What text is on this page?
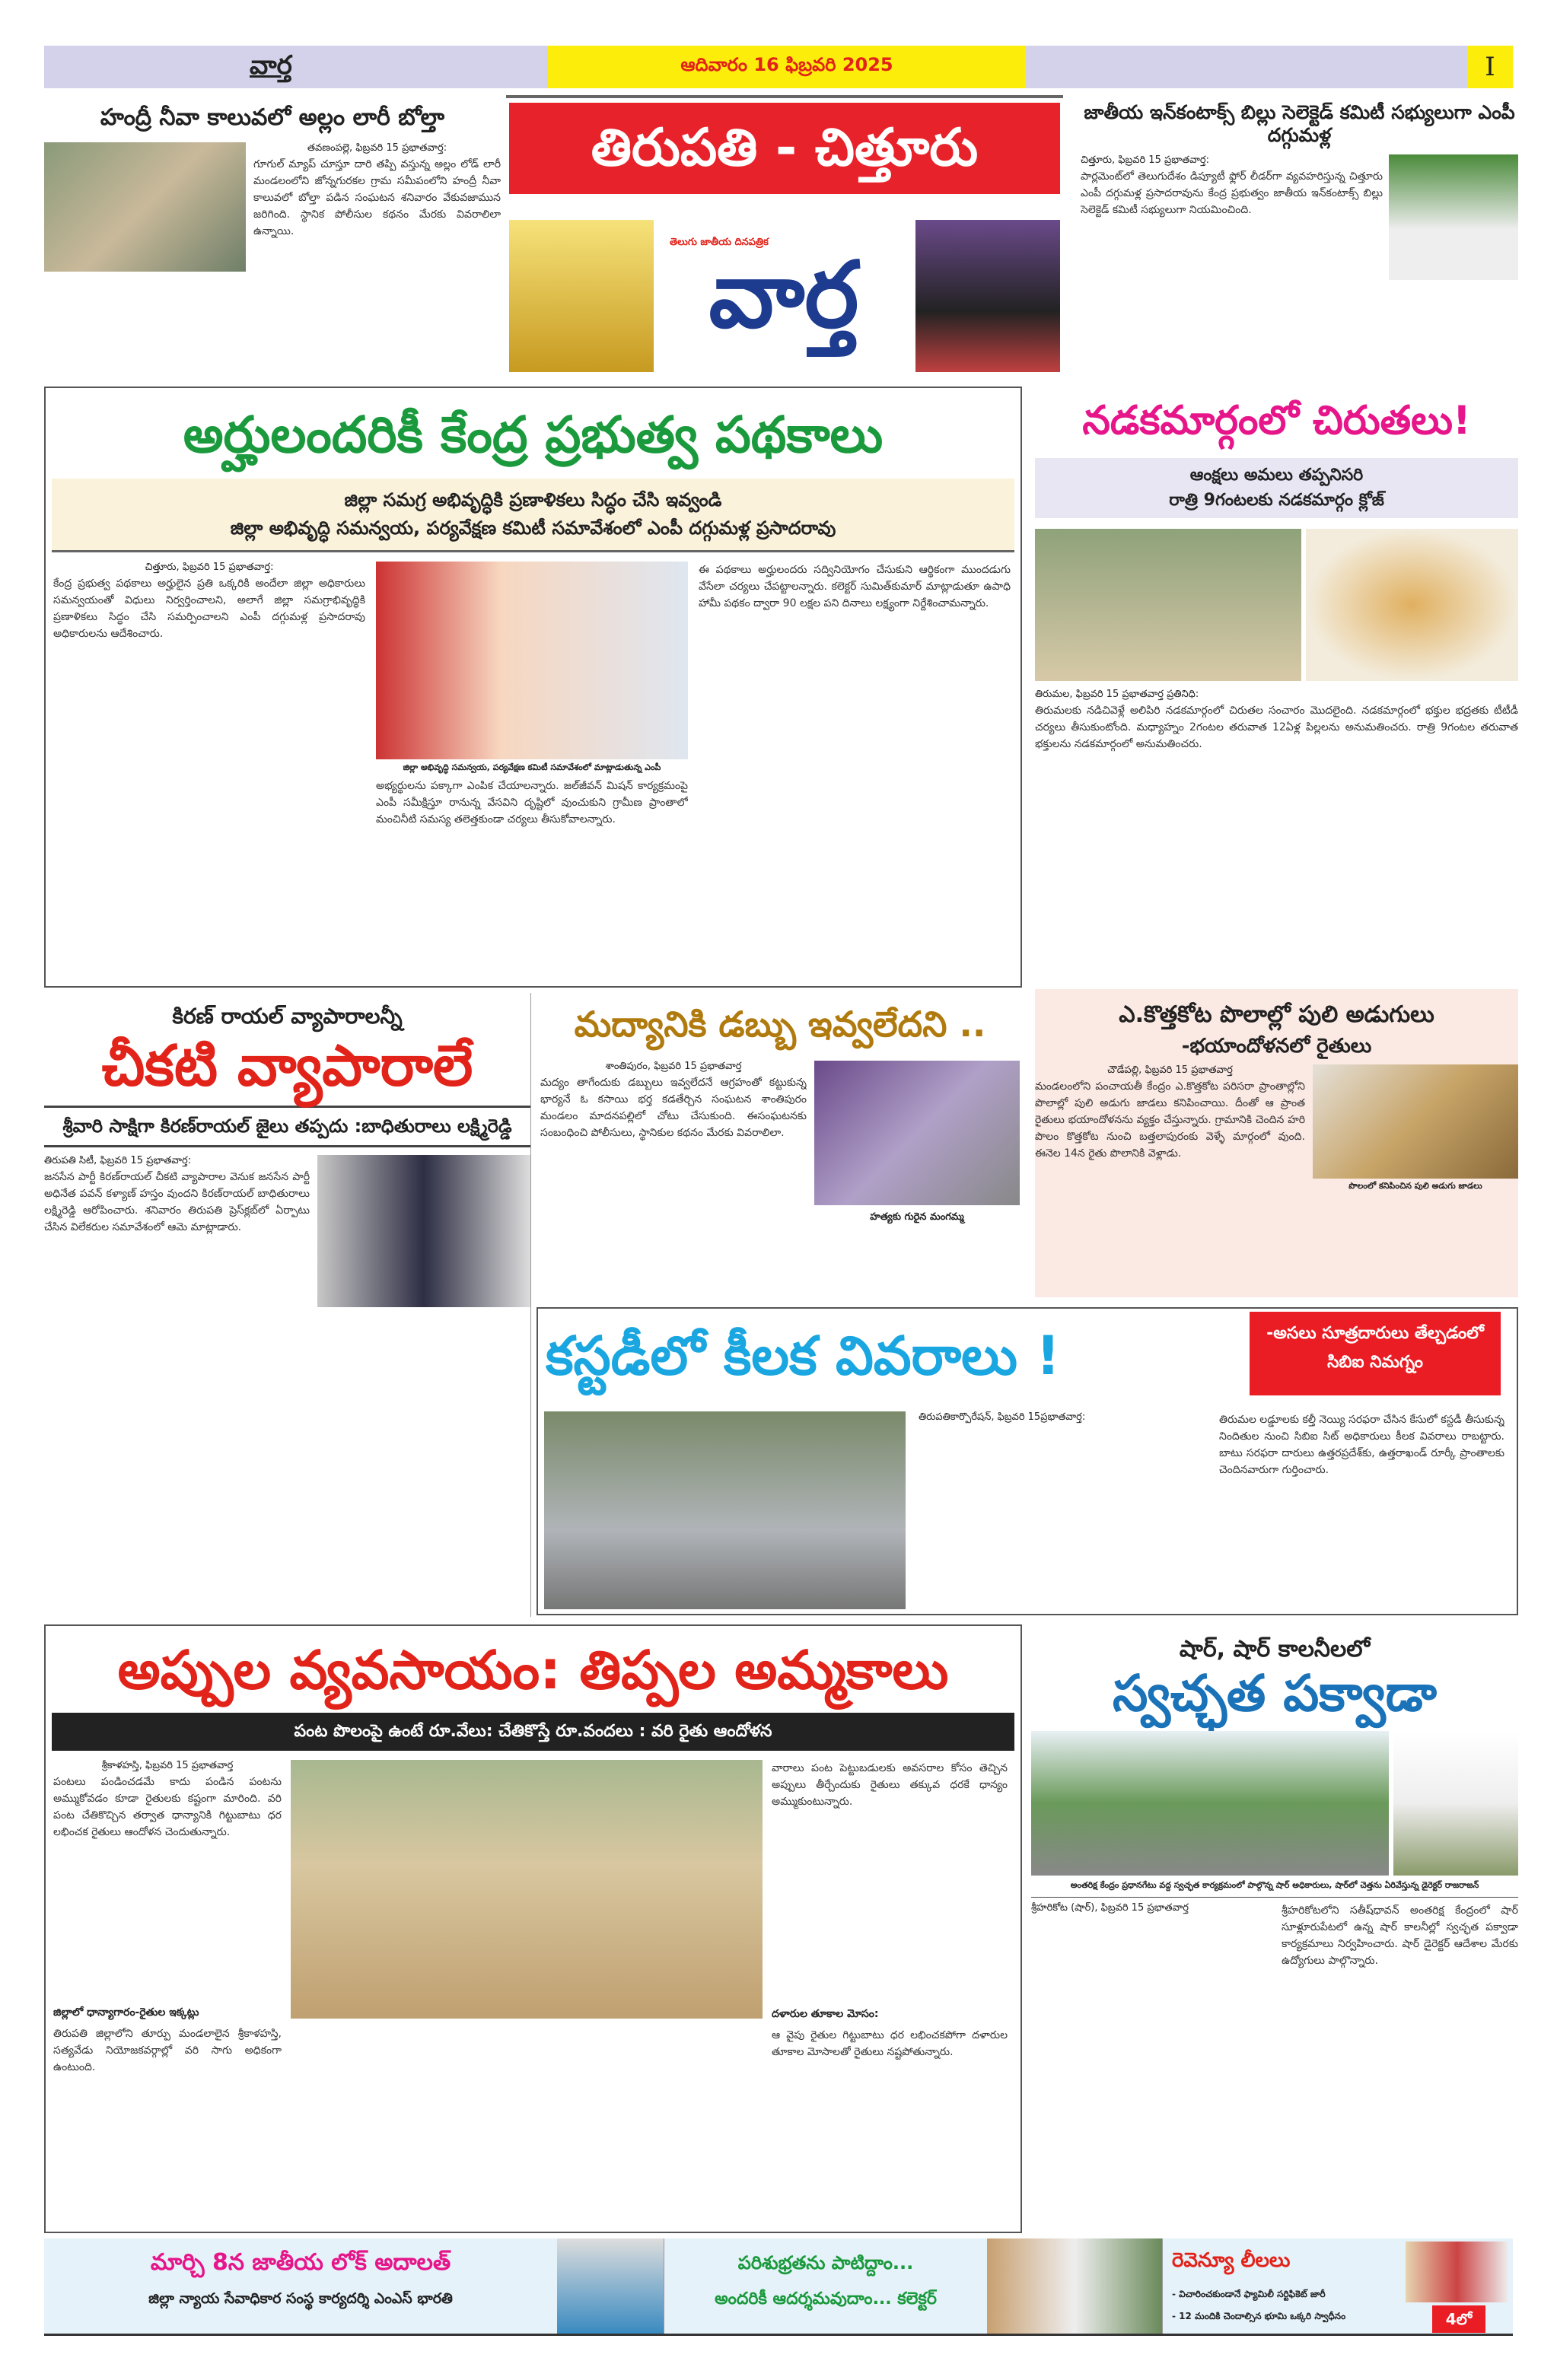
వార్త	ఆదివారం 16 ఫిబ్రవరి 2025	I
హంద్రీ నీవా కాలువలో అల్లం లారీ బోల్తా
తవణంపల్లె, ఫిబ్రవరి 15 ప్రభాతవార్త:
గూగుల్ మ్యాప్ చూస్తూ దారి తప్పి వస్తున్న అల్లం లోడ్ లారీ మండలంలోని జోన్నగురకల గ్రామ సమీపంలోని హంద్రీ నీవా కాలువలో బోల్తా పడిన సంఘటన శనివారం వేకువజామున జరిగింది. స్థానిక పోలీసుల కథనం మేరకు వివరాలిలా ఉన్నాయి.
తిరుపతి - చిత్తూరు
తెలుగు జాతీయ దినపత్రిక
వార్త
జాతీయ ఇన్‌కంటాక్స్ బిల్లు సెలెక్టెడ్ కమిటీ సభ్యులుగా ఎంపీ దగ్గుమళ్ల
చిత్తూరు, ఫిబ్రవరి 15 ప్రభాతవార్త:
పార్లమెంట్‌లో తెలుగుదేశం డిప్యూటీ ఫ్లోర్ లీడర్‌గా వ్యవహరిస్తున్న చిత్తూరు ఎంపీ దగ్గుమళ్ల ప్రసాదరావును కేంద్ర ప్రభుత్వం జాతీయ ఇన్‌కంటాక్స్ బిల్లు సెలెక్టెడ్ కమిటీ సభ్యులుగా నియమించింది.
అర్హులందరికీ కేంద్ర ప్రభుత్వ పథకాలు
జిల్లా సమగ్ర అభివృద్ధికి ప్రణాళికలు సిద్ధం చేసి ఇవ్వండి
జిల్లా అభివృద్ధి సమన్వయ, పర్యవేక్షణ కమిటీ సమావేశంలో ఎంపీ దగ్గుమళ్ల ప్రసాదరావు
చిత్తూరు, ఫిబ్రవరి 15 ప్రభాతవార్త:
కేంద్ర ప్రభుత్వ పథకాలు అర్హులైన ప్రతి ఒక్కరికి అందేలా జిల్లా అధికారులు సమన్వయంతో విధులు నిర్వర్తించాలని, అలాగే జిల్లా సమగ్రాభివృద్ధికి ప్రణాళికలు సిద్ధం చేసి సమర్పించాలని ఎంపీ దగ్గుమళ్ల ప్రసాదరావు అధికారులను ఆదేశించారు.
జిల్లా అభివృద్ధి సమన్వయ, పర్యవేక్షణ కమిటీ సమావేశంలో మాట్లాడుతున్న ఎంపీ
అభ్యర్థులను పక్కాగా ఎంపిక చేయాలన్నారు. జల్‌జీవన్ మిషన్ కార్యక్రమంపై ఎంపీ సమీక్షిస్తూ రానున్న వేసవిని దృష్టిలో వుంచుకుని గ్రామీణ ప్రాంతాలో మంచినీటి సమస్య తలెత్తకుండా చర్యలు తీసుకోవాలన్నారు.
ఈ పథకాలు అర్హులందరు సద్వినియోగం చేసుకుని ఆర్థికంగా ముందడుగు వేసేలా చర్యలు చేపట్టాలన్నారు. కలెక్టర్ సుమిత్‌కుమార్ మాట్లాడుతూ ఉపాధి హామీ పథకం ద్వారా 90 లక్షల పని దినాలు లక్ష్యంగా నిర్దేశించామన్నారు.
నడకమార్గంలో చిరుతలు!
ఆంక్షలు అమలు తప్పనిసరి
రాత్రి 9గంటలకు నడకమార్గం క్లోజ్
తిరుమల, ఫిబ్రవరి 15 ప్రభాతవార్త ప్రతినిధి:
తిరుమలకు నడిచివెళ్లే అలిపిరి నడకమార్గంలో చిరుతల సంచారం మొదలైంది. నడకమార్గంలో భక్తుల భద్రతకు టీటీడీ చర్యలు తీసుకుంటోంది. మధ్యాహ్నం 2గంటల తరువాత 12ఏళ్ల పిల్లలను అనుమతించరు. రాత్రి 9గంటల తరువాత భక్తులను నడకమార్గంలో అనుమతించరు.
కిరణ్ రాయల్ వ్యాపారాలన్నీ
చీకటి వ్యాపారాలే
శ్రీవారి సాక్షిగా కిరణ్‌రాయల్ జైలు తప్పదు :బాధితురాలు లక్ష్మిరెడ్డి
తిరుపతి సిటీ, ఫిబ్రవరి 15 ప్రభాతవార్త:
జనసేన పార్టీ కిరణ్‌రాయల్ చీకటి వ్యాపారాల వెనుక జనసేన పార్టీ అధినేత పవన్ కళ్యాణ్ హస్తం వుందని కిరణ్‌రాయల్ బాధితురాలు లక్ష్మిరెడ్డి ఆరోపించారు. శనివారం తిరుపతి ప్రెస్‌క్లబ్‌లో ఏర్పాటు చేసిన విలేకరుల సమావేశంలో ఆమె మాట్లాడారు.
మద్యానికి డబ్బు ఇవ్వలేదని ..
హత్యకు గురైన మంగమ్మ
శాంతిపురం, ఫిబ్రవరి 15 ప్రభాతవార్త
మద్యం తాగేందుకు డబ్బులు ఇవ్వలేదనే ఆగ్రహంతో కట్టుకున్న భార్యనే ఓ కసాయి భర్త కడతేర్చిన సంఘటన శాంతిపురం మండలం మాదనపల్లిలో చోటు చేసుకుంది. ఈసంఘటనకు సంబంధించి పోలీసులు, స్థానికుల కథనం మేరకు వివరాలిలా.
ఎ.కొత్తకోట పొలాల్లో పులి అడుగులు
-భయాందోళనలో రైతులు
పొలంలో కనిపించిన పులి అడుగు జాడలు
చౌడేపల్లి, ఫిబ్రవరి 15 ప్రభాతవార్త
మండలంలోని పంచాయతీ కేంద్రం ఎ.కొత్తకోట పరిసరా ప్రాంతాల్లోని పొలాల్లో పులి అడుగు జాడలు కనిపించాయి. దీంతో ఆ ప్రాంత రైతులు భయాందోళనను వ్యక్తం చేస్తున్నారు. గ్రామానికి చెందిన హరి పొలం కొత్తకోట నుంచి బత్తలాపురంకు వెళ్ళే మార్గంలో వుంది. ఈనెల 14న రైతు పొలానికి వెళ్లాడు.
కస్టడీలో కీలక వివరాలు !	-అసలు సూత్రదారులు తేల్చడంలో
సిబిఐ నిమగ్నం
తిరుపతికార్పొరేషన్, ఫిబ్రవరి 15ప్రభాతవార్త:	తిరుమల లడ్డూలకు కల్తీ నెయ్యి సరఫరా చేసిన కేసులో కస్టడీ తీసుకున్న నిందితుల నుంచి సిబిఐ సిట్ అధికారులు కీలక వివరాలు రాబట్టారు. బాటు సరఫరా దారులు ఉత్తరప్రదేశ్‌కు, ఉత్తరాఖండ్ రూర్కీ ప్రాంతాలకు చెందినవారుగా గుర్తించారు.
అప్పుల వ్యవసాయం: తిప్పల అమ్మకాలు
పంట పొలంపై ఉంటే రూ.వేలు: చేతికొస్తే రూ.వందలు : వరి రైతు ఆందోళన
శ్రీకాళహస్తి, ఫిబ్రవరి 15 ప్రభాతవార్త
పంటలు పండించడమే కాదు పండిన పంటను అమ్ముకోవడం కూడా రైతులకు కష్టంగా మారింది. వరి పంట చేతికొచ్చిన తర్వాత ధాన్యానికి గిట్టుబాటు ధర లభించక రైతులు ఆందోళన చెందుతున్నారు.
జిల్లాలో ధాన్యాగారం-రైతుల ఇక్కట్లు
తిరుపతి జిల్లాలోని తూర్పు మండలాలైన శ్రీకాళహస్తి, సత్యవేడు నియోజకవర్గాల్లో వరి సాగు అధికంగా ఉంటుంది.
వారాలు పంట పెట్టుబడులకు అవసరాల కోసం తెచ్చిన అప్పులు తీర్చేందుకు రైతులు తక్కువ ధరకే ధాన్యం అమ్ముకుంటున్నారు.
దళారుల తూకాల మోసం:
ఆ వైపు రైతుల గిట్టుబాటు ధర లభించకపోగా దళారుల తూకాల మోసాలతో రైతులు నష్టపోతున్నారు.
షార్, షార్ కాలనీలలో
స్వచ్ఛత పక్వాడా
అంతరిక్ష కేంద్రం ప్రధానగేటు వద్ద స్వచ్ఛత కార్యక్రమంలో పాల్గొన్న షార్ అధికారులు, షార్‌లో చెత్తను ఏరివేస్తున్న డైరెక్టర్ రాజరాజన్
శ్రీహరికోట (షార్), ఫిబ్రవరి 15 ప్రభాతవార్త	శ్రీహరికోటలోని సతీష్‌ధావన్ అంతరిక్ష కేంద్రంలో షార్ సూళ్లూరుపేటలో ఉన్న షార్ కాలనీల్లో స్వచ్ఛత పక్వాడా కార్యక్రమాలు నిర్వహించారు. షార్ డైరెక్టర్ ఆదేశాల మేరకు ఉద్యోగులు పాల్గొన్నారు.
మార్చి 8న జాతీయ లోక్ అదాలత్
జిల్లా న్యాయ సేవాధికార సంస్థ కార్యదర్శి ఎంఎస్ భారతి
పరిశుభ్రతను పాటిద్దాం...
అందరికీ ఆదర్శమవుదాం... కలెక్టర్
రెవెన్యూ లీలలు
- విచారించకుండానే ఫ్యామిలీ సర్టిఫికెట్ జారీ
- 12 మందికి చెందాల్సిన భూమి ఒక్కరి స్వాధీనం	4లో
